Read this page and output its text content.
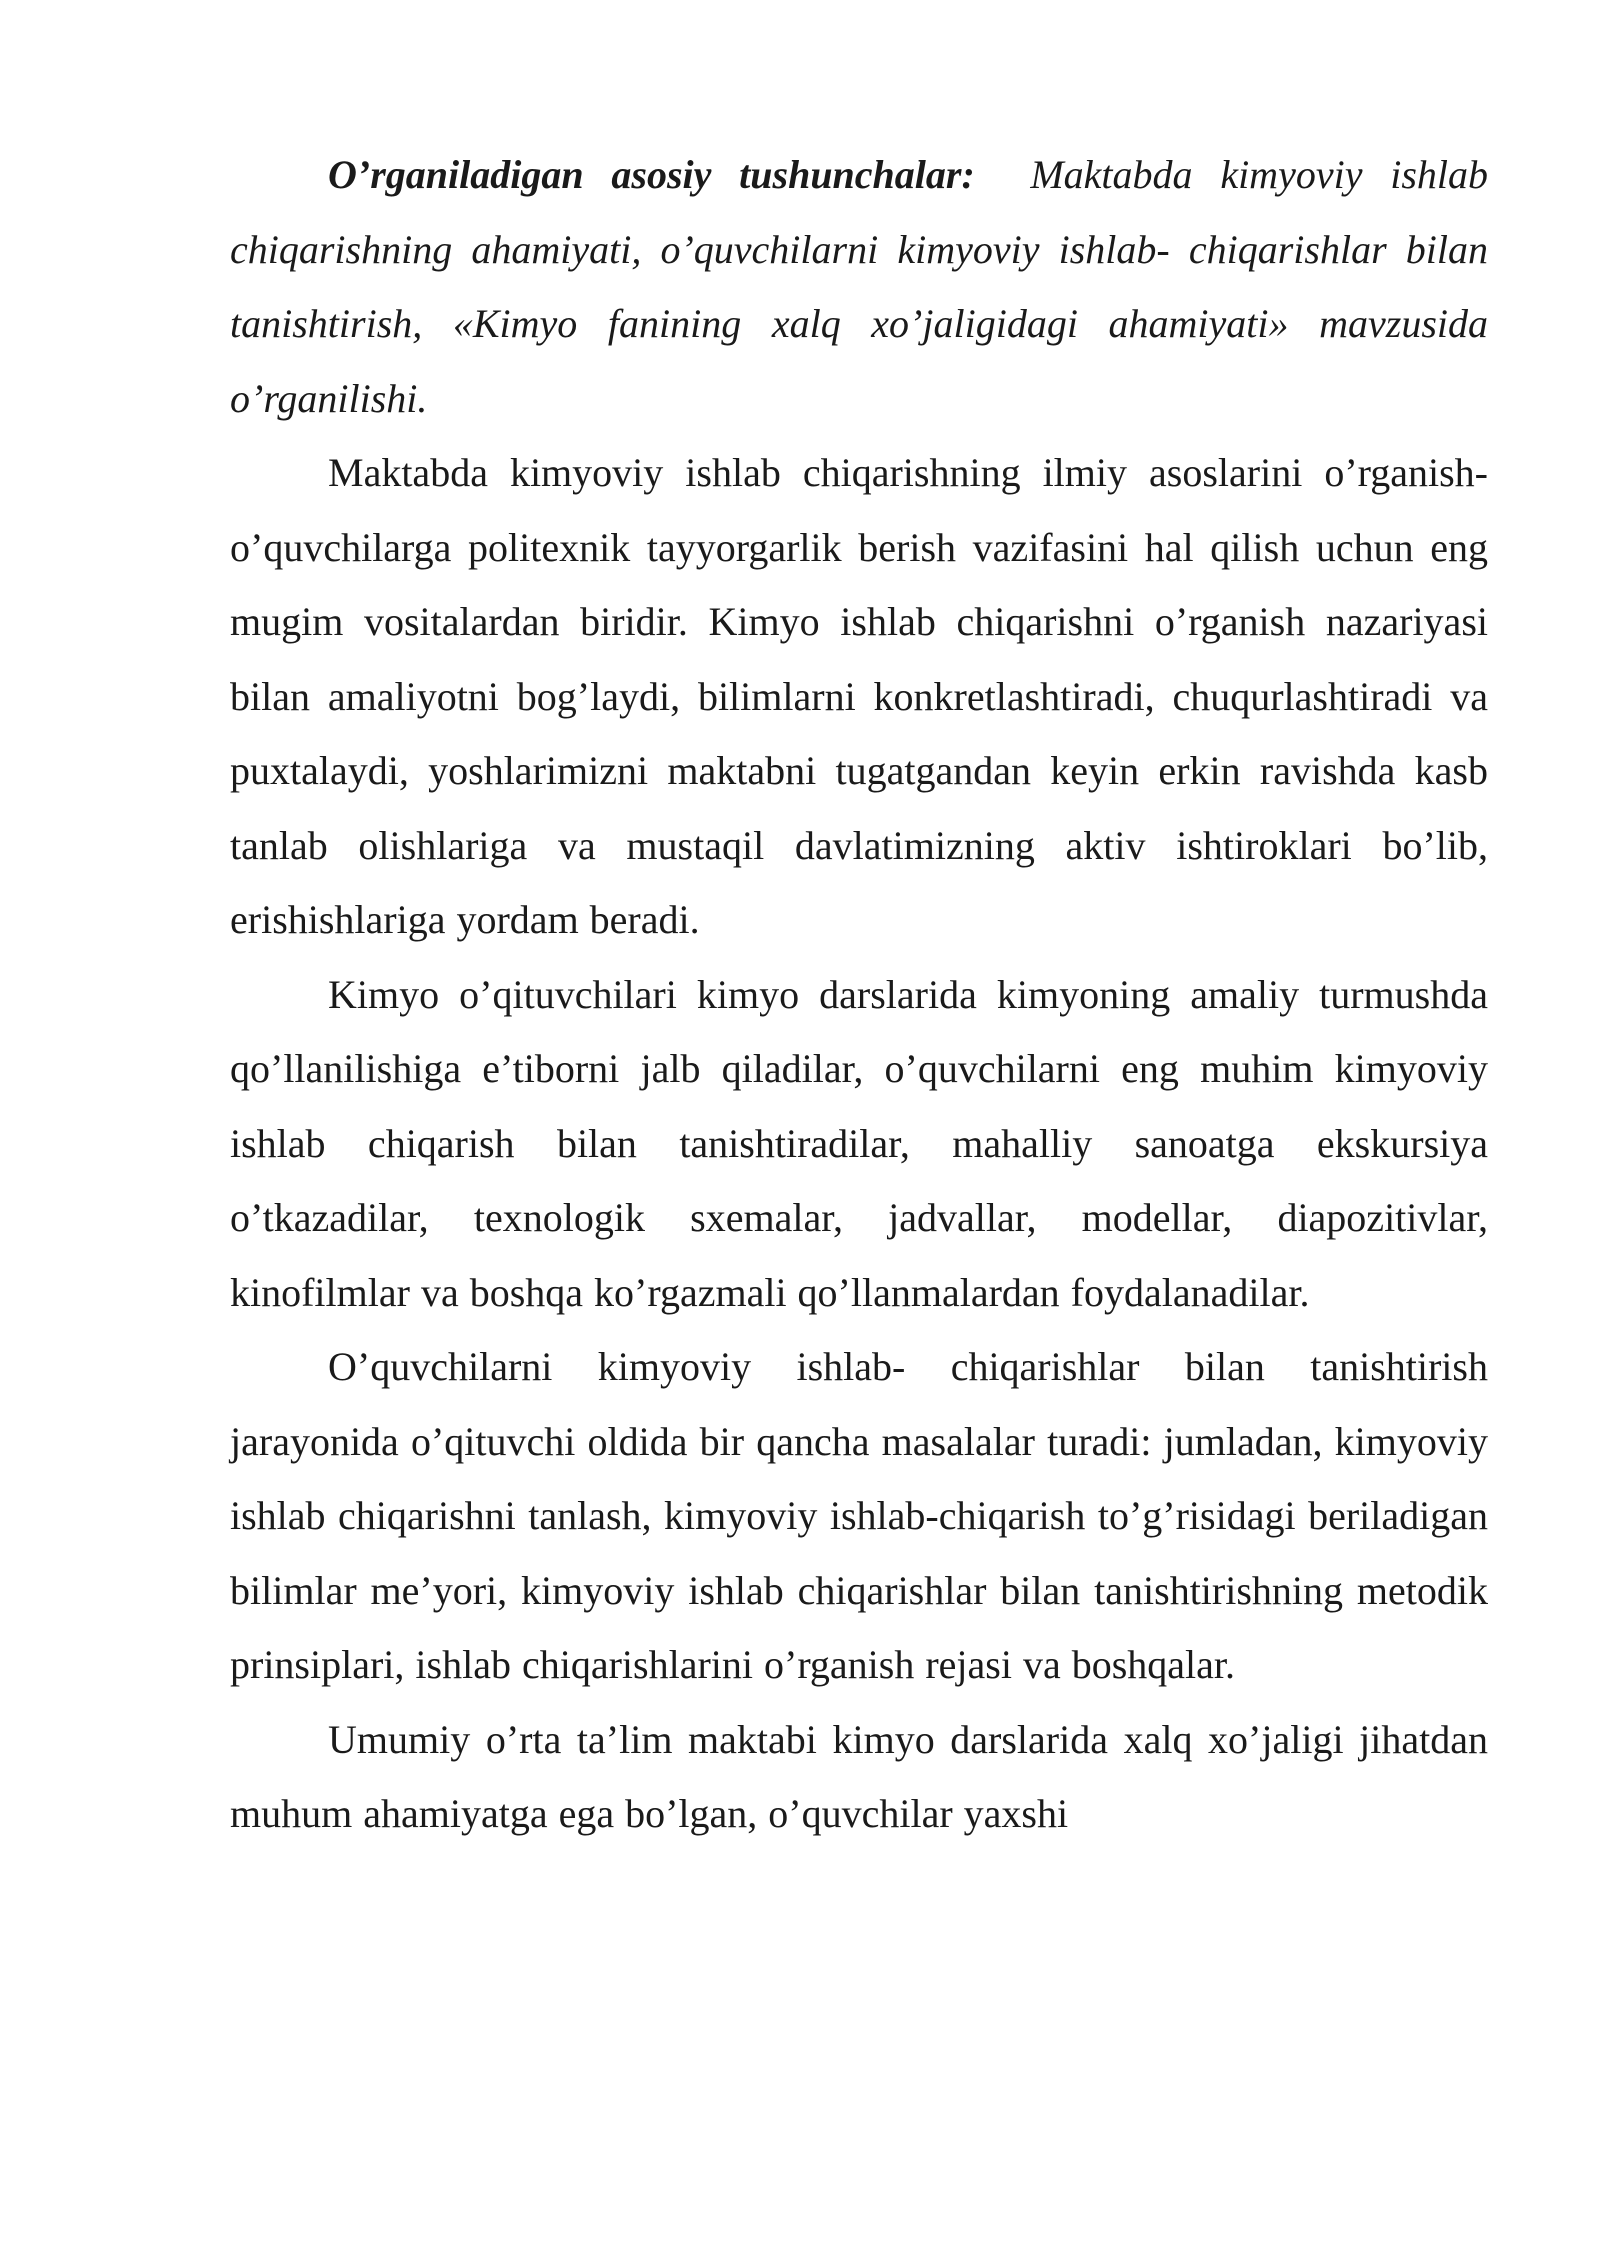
O’rganiladigan asosiy tushunchalar: Maktabda kimyoviy ishlab chiqarishning ahamiyati, o’quvchilarni kimyoviy ishlab- chiqarishlar bilan tanishtirish, «Kimyo fanining xalq xo’jaligidagi ahamiyati» mavzusida o’rganilishi.

Maktabda kimyoviy ishlab chiqarishning ilmiy asoslarini o’rganish- o’quvchilarga politexnik tayyorgarlik berish vazifasini hal qilish uchun eng mugim vositalardan biridir. Kimyo ishlab chiqarishni o’rganish nazariyasi bilan amaliyotni bog’laydi, bilimlarni konkretlashtiradi, chuqurlashtiradi va puxtalaydi, yoshlarimizni maktabni tugatgandan keyin erkin ravishda kasb tanlab olishlariga va mustaqil davlatimizning aktiv ishtiroklari bo’lib, erishishlariga yordam beradi.

Kimyo o’qituvchilari kimyo darslarida kimyoning amaliy turmushda qo’llanilishiga e’tiborni jalb qiladilar, o’quvchilarni eng muhim kimyoviy ishlab chiqarish bilan tanishtiradilar, mahalliy sanoatga ekskursiya o’tkazadilar, texnologik sxemalar, jadvallar, modellar, diapozitivlar, kinofilmlar va boshqa ko’rgazmali qo’llanmalardan foydalanadilar.

O’quvchilarni kimyoviy ishlab- chiqarishlar bilan tanishtirish jarayonida o’qituvchi oldida bir qancha masalalar turadi: jumladan, kimyoviy ishlab chiqarishni tanlash, kimyoviy ishlab-chiqarish to’g’risidagi beriladigan bilimlar me’yori, kimyoviy ishlab chiqarishlar bilan tanishtirishning metodik prinsiplari, ishlab chiqarishlarini o’rganish rejasi va boshqalar.

Umumiy o’rta ta’lim maktabi kimyo darslarida xalq xo’jaligi jihatdan muhum ahamiyatga ega bo’lgan, o’quvchilar yaxshi
